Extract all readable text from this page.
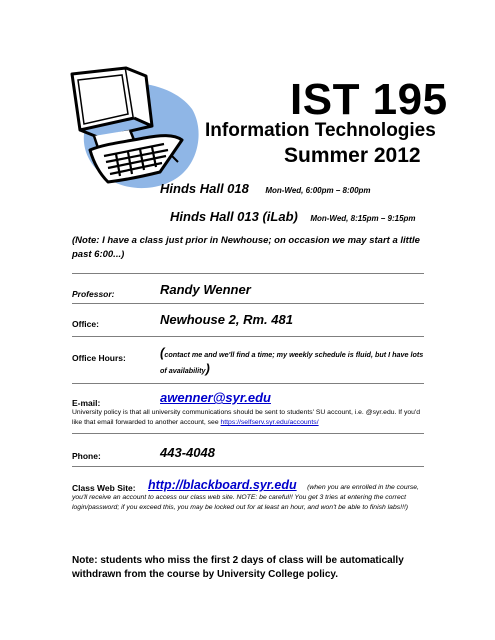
IST 195
Information Technologies
Summer 2012
Hinds Hall 018 Mon-Wed, 6:00pm – 8:00pm
Hinds Hall 013 (iLab) Mon-Wed, 8:15pm – 9:15pm
(Note: I have a class just prior in Newhouse; on occasion we may start a little past 6:00...)
Professor:	Randy Wenner
Office:	Newhouse 2, Rm. 481
Office Hours:	(contact me and we'll find a time; my weekly schedule is fluid, but I have lots of availability)
E-mail:	awenner@syr.edu
University policy is that all university communications should be sent to students' SU account, i.e. @syr.edu. If you'd like that email forwarded to another account, see https://selfserv.syr.edu/accounts/
Phone:	443-4048
Class Web Site: http://blackboard.syr.edu (when you are enrolled in the course,
you'll receive an account to access our class web site. NOTE: be careful!! You get 3 tries at entering the correct login/password; if you exceed this, you may be locked out for at least an hour, and won't be able to finish labs!!!)
Note: students who miss the first 2 days of class will be automatically withdrawn from the course by University College policy.
